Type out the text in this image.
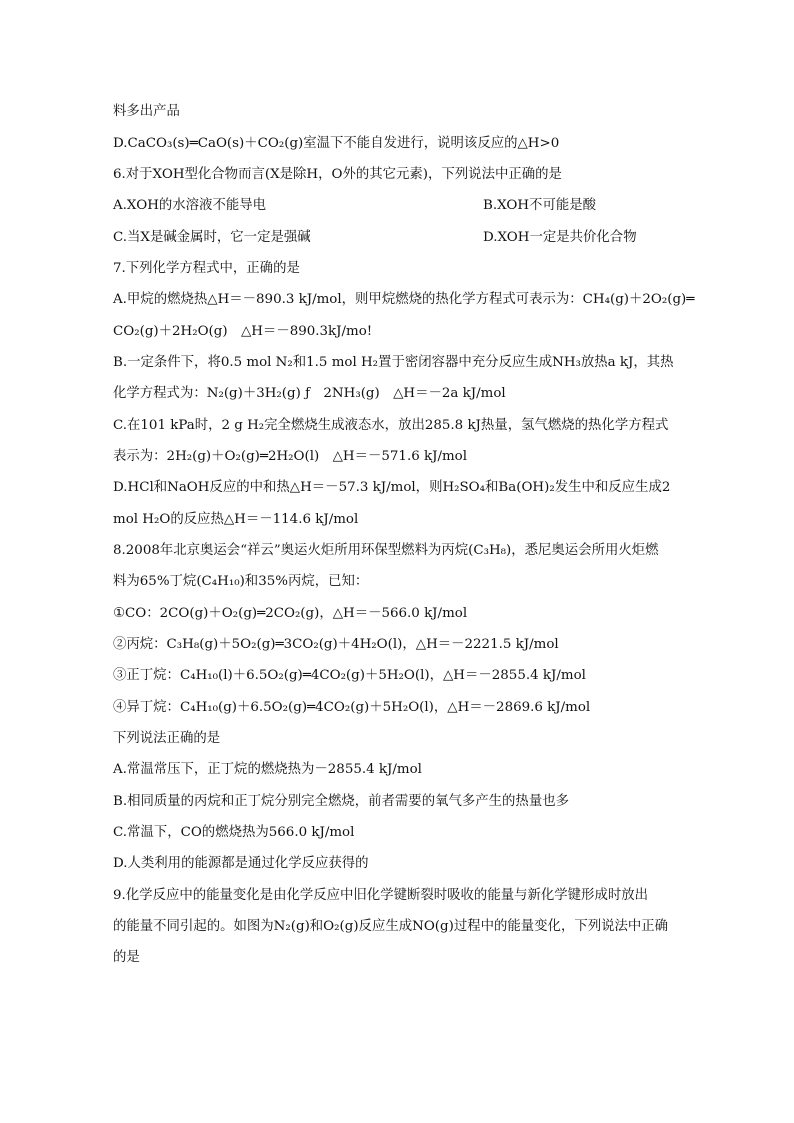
料多出产品
D.CaCO₃(s)═CaO(s)＋CO₂(g)室温下不能自发进行，说明该反应的△H>0
6.对于XOH型化合物而言(X是除H，O外的其它元素)，下列说法中正确的是
A.XOH的水溶液不能导电	B.XOH不可能是酸
C.当X是碱金属时，它一定是强碱	D.XOH一定是共价化合物
7.下列化学方程式中，正确的是
A.甲烷的燃烧热△H＝－890.3 kJ/mol，则甲烷燃烧的热化学方程式可表示为：CH₄(g)＋2O₂(g)═
CO₂(g)＋2H₂O(g)　△H＝－890.3kJ/mo!
B.一定条件下，将0.5 mol N₂和1.5 mol H₂置于密闭容器中充分反应生成NH₃放热a kJ，其热
化学方程式为：N₂(g)＋3H₂(g) ƒ　2NH₃(g)　△H＝－2a kJ/mol
C.在101 kPa时，2 g H₂完全燃烧生成液态水，放出285.8 kJ热量，氢气燃烧的热化学方程式
表示为：2H₂(g)＋O₂(g)═2H₂O(l)　△H＝－571.6 kJ/mol
D.HCl和NaOH反应的中和热△H＝－57.3 kJ/mol，则H₂SO₄和Ba(OH)₂发生中和反应生成2
mol H₂O的反应热△H＝－114.6 kJ/mol
8.2008年北京奥运会“祥云”奥运火炬所用环保型燃料为丙烷(C₃H₈)，悉尼奥运会所用火炬燃
料为65%丁烷(C₄H₁₀)和35%丙烷，已知：
①CO：2CO(g)＋O₂(g)═2CO₂(g)，△H＝－566.0 kJ/mol
②丙烷：C₃H₈(g)＋5O₂(g)═3CO₂(g)＋4H₂O(l)，△H＝－2221.5 kJ/mol
③正丁烷：C₄H₁₀(l)＋6.5O₂(g)═4CO₂(g)＋5H₂O(l)，△H＝－2855.4 kJ/mol
④异丁烷：C₄H₁₀(g)＋6.5O₂(g)═4CO₂(g)＋5H₂O(l)，△H＝－2869.6 kJ/mol
下列说法正确的是
A.常温常压下，正丁烷的燃烧热为－2855.4 kJ/mol
B.相同质量的丙烷和正丁烷分别完全燃烧，前者需要的氧气多产生的热量也多
C.常温下，CO的燃烧热为566.0 kJ/mol
D.人类利用的能源都是通过化学反应获得的
9.化学反应中的能量变化是由化学反应中旧化学键断裂时吸收的能量与新化学键形成时放出
的能量不同引起的。如图为N₂(g)和O₂(g)反应生成NO(g)过程中的能量变化，下列说法中正确
的是
